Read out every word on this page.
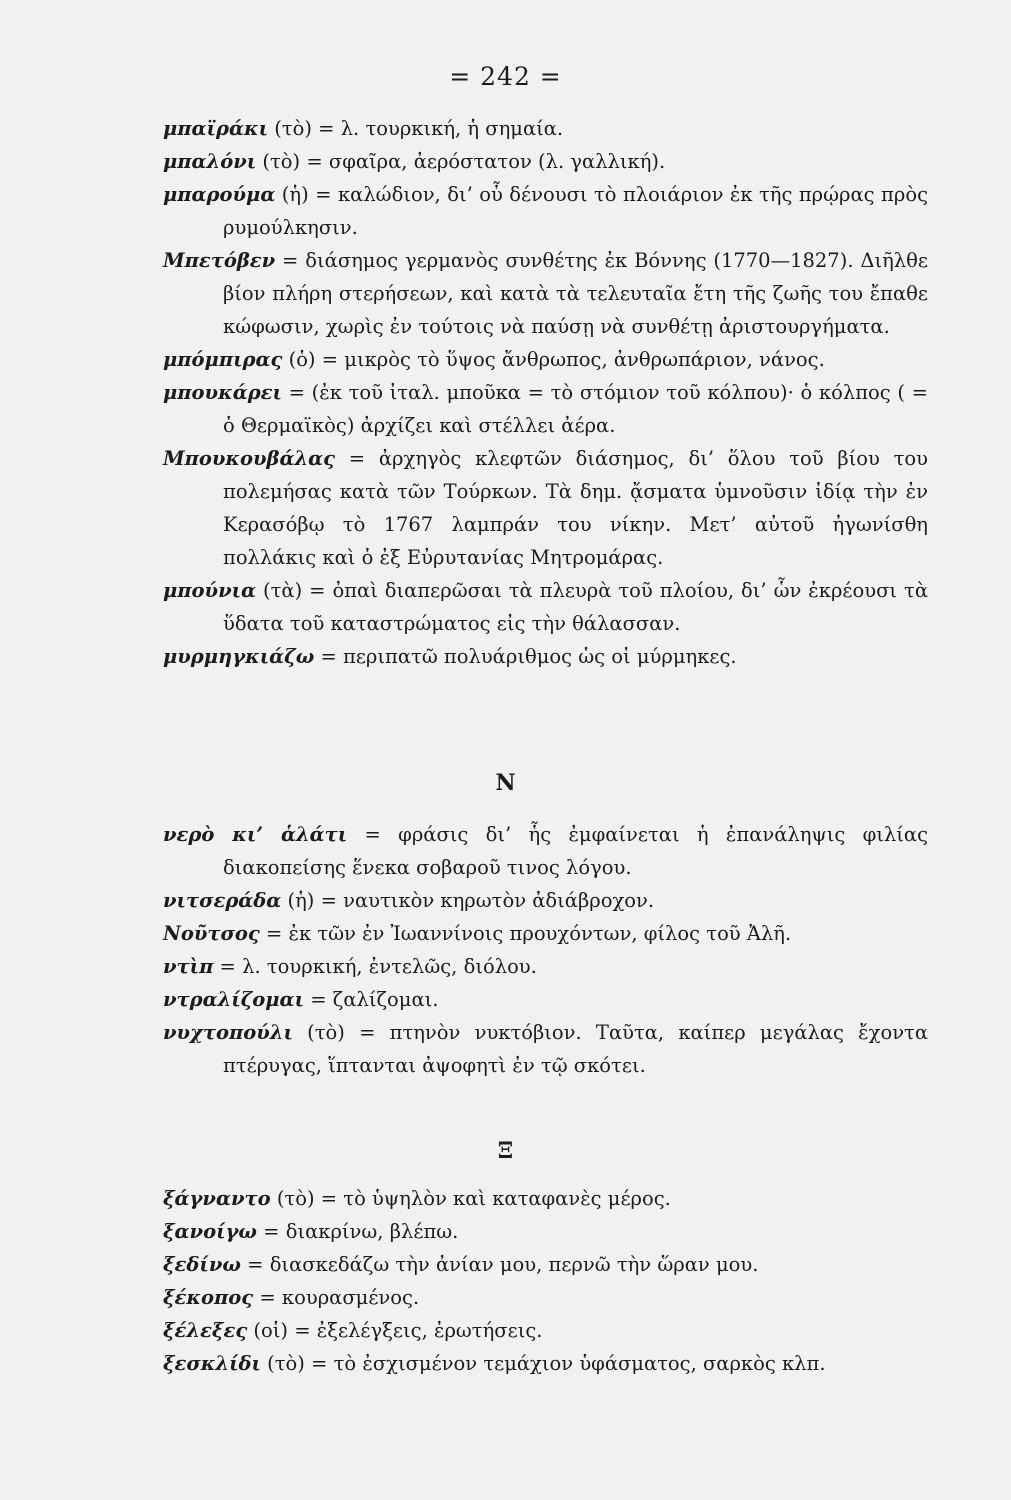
= 242 =

μπαϊράκι (τὸ) = λ. τουρκική, ἡ σημαία.

μπαλόνι (τὸ) = σφαῖρα, ἀερόστατον (λ. γαλλική).

μπαρούμα (ἡ) = καλώδιον, δι’ οὗ δένουσι τὸ πλοιάριον ἐκ τῆς πρῴρας πρὸς ρυμούλκησιν.

Μπετόβεν = διάσημος γερμανὸς συνθέτης ἐκ Βόννης (1770—1827). Διῆλθε βίον πλήρη στερήσεων, καὶ κατὰ τὰ τελευταῖα ἔτη τῆς ζωῆς του ἔπαθε κώφωσιν, χωρὶς ἐν τούτοις νὰ παύσῃ νὰ συνθέτῃ ἀριστουργήματα.

μπόμπιρας (ὁ) = μικρὸς τὸ ὕψος ἄνθρωπος, ἀνθρωπάριον, νάνος.

μπουκάρει = (ἐκ τοῦ ἰταλ. μποῦκα = τὸ στόμιον τοῦ κόλπου)· ὁ κόλπος ( = ὁ Θερμαϊκὸς) ἀρχίζει καὶ στέλλει ἀέρα.

Μπουκουβάλας = ἀρχηγὸς κλεφτῶν διάσημος, δι’ ὅλου τοῦ βίου του πολεμήσας κατὰ τῶν Τούρκων. Τὰ δημ. ᾄσματα ὑμνοῦσιν ἰδίᾳ τὴν ἐν Κερασόβῳ τὸ 1767 λαμπράν του νίκην. Μετ’ αὐτοῦ ἠγωνίσθη πολλάκις καὶ ὁ ἐξ Εὐρυτανίας Μητρομάρας.

μπούνια (τὰ) = ὀπαὶ διαπερῶσαι τὰ πλευρὰ τοῦ πλοίου, δι’ ὧν ἐκρέουσι τὰ ὕδατα τοῦ καταστρώματος εἰς τὴν θάλασσαν.

μυρμηγκιάζω = περιπατῶ πολυάριθμος ὡς οἱ μύρμηκες.

Ν

νερὸ κι’ ἁλάτι = φράσις δι’ ἧς ἐμφαίνεται ἡ ἐπανάληψις φιλίας διακοπείσης ἕνεκα σοβαροῦ τινος λόγου.

νιτσεράδα (ἡ) = ναυτικὸν κηρωτὸν ἀδιάβροχον.

Νοῦτσος = ἐκ τῶν ἐν Ἰωαννίνοις προυχόντων, φίλος τοῦ Ἀλῆ.

ντὶπ = λ. τουρκική, ἐντελῶς, διόλου.

ντραλίζομαι = ζαλίζομαι.

νυχτοπούλι (τὸ) = πτηνὸν νυκτόβιον. Ταῦτα, καίπερ μεγάλας ἔχοντα πτέρυγας, ἵπτανται ἀψοφητὶ ἐν τῷ σκότει.

Ξ

ξάγναντο (τὸ) = τὸ ὑψηλὸν καὶ καταφανὲς μέρος.

ξανοίγω = διακρίνω, βλέπω.

ξεδίνω = διασκεδάζω τὴν ἀνίαν μου, περνῶ τὴν ὥραν μου.

ξέκοπος = κουρασμένος.

ξέλεξες (οἱ) = ἐξελέγξεις, ἐρωτήσεις.

ξεσκλίδι (τὸ) = τὸ ἐσχισμένον τεμάχιον ὑφάσματος, σαρκὸς κλπ.
